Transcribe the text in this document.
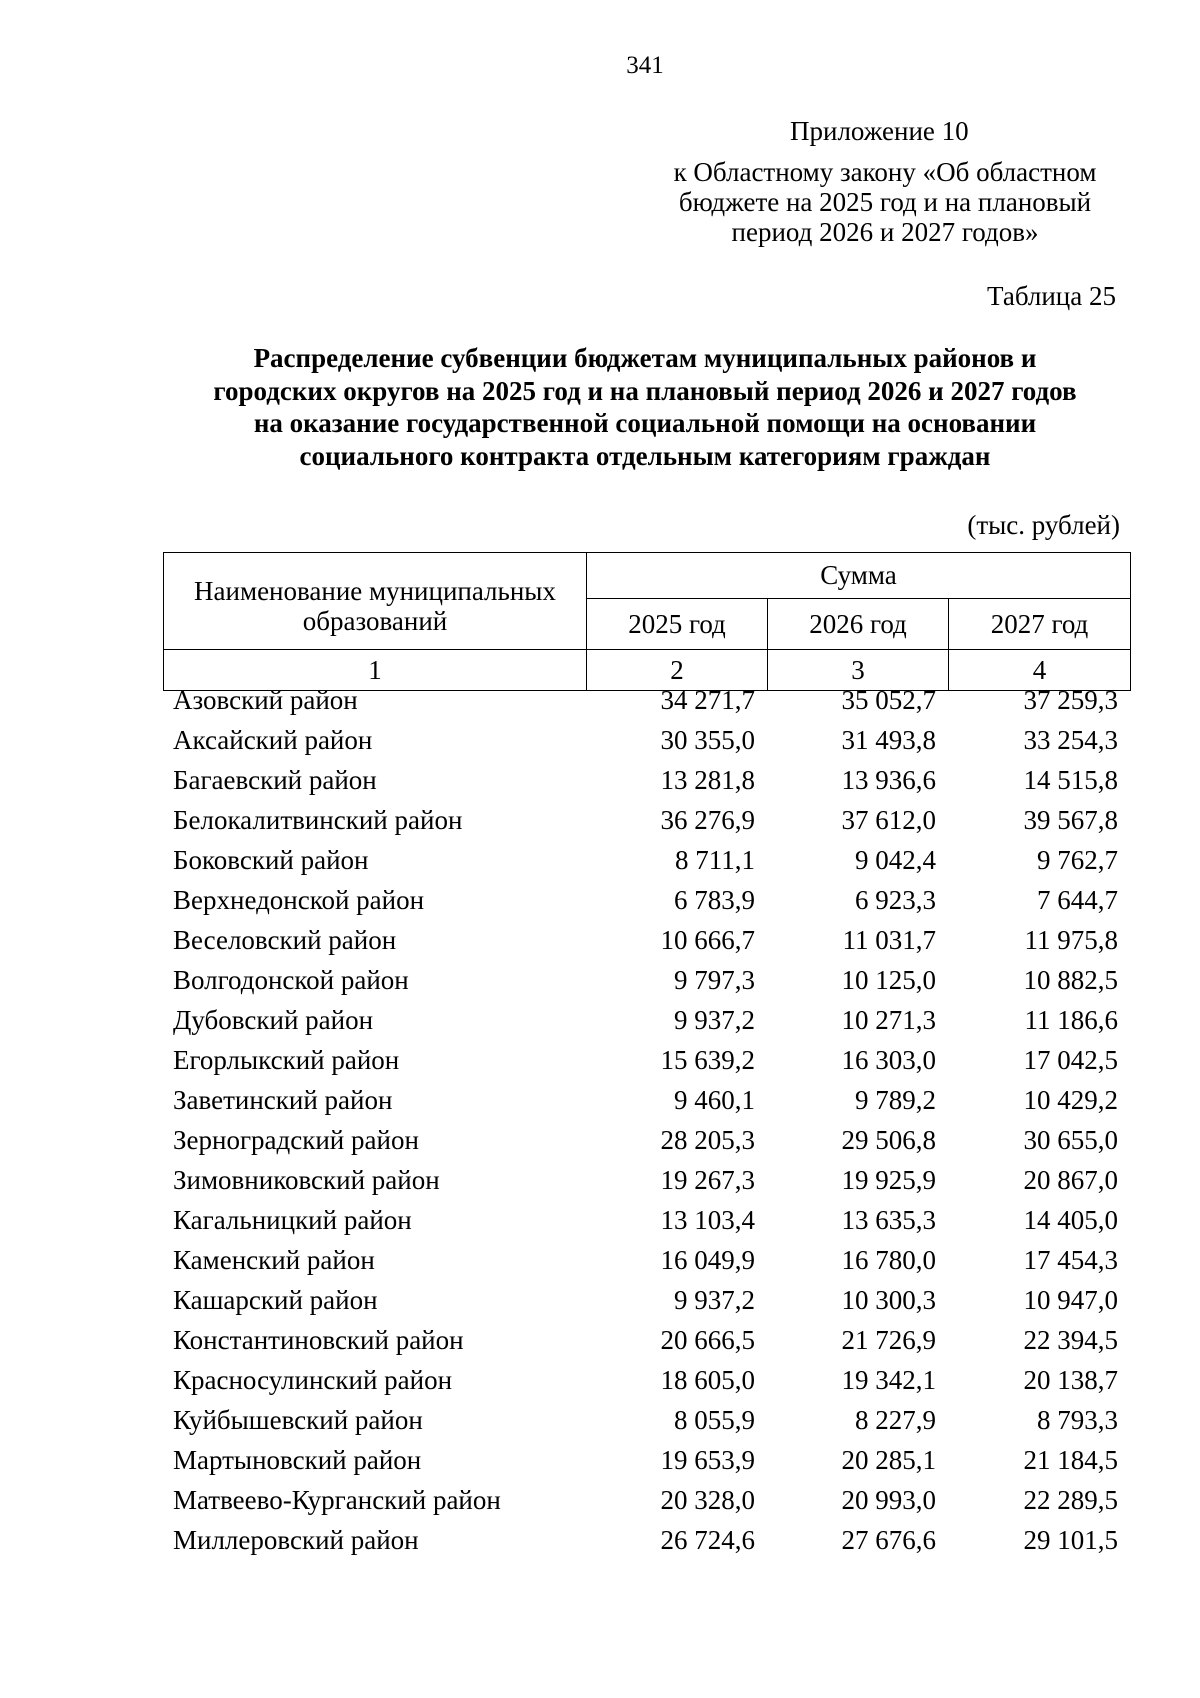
341
Приложение 10
к Областному закону «Об областном
бюджете на 2025 год и на плановый
период 2026 и 2027 годов»
Таблица 25
Распределение субвенции бюджетам муниципальных районов и
городских округов на 2025 год и на плановый период 2026 и 2027 годов
на оказание государственной социальной помощи на основании
социального контракта отдельным категориям граждан
(тыс. рублей)
Наименование муниципальных образований	Сумма		
	2025 год	2026 год	2027 год
1	2	3	4
Азовский район	34 271,7	35 052,7	37 259,3
Аксайский район	30 355,0	31 493,8	33 254,3
Багаевский район	13 281,8	13 936,6	14 515,8
Белокалитвинский район	36 276,9	37 612,0	39 567,8
Боковский район	8 711,1	9 042,4	9 762,7
Верхнедонской район	6 783,9	6 923,3	7 644,7
Веселовский район	10 666,7	11 031,7	11 975,8
Волгодонской район	9 797,3	10 125,0	10 882,5
Дубовский район	9 937,2	10 271,3	11 186,6
Егорлыкский район	15 639,2	16 303,0	17 042,5
Заветинский район	9 460,1	9 789,2	10 429,2
Зерноградский район	28 205,3	29 506,8	30 655,0
Зимовниковский район	19 267,3	19 925,9	20 867,0
Кагальницкий район	13 103,4	13 635,3	14 405,0
Каменский район	16 049,9	16 780,0	17 454,3
Кашарский район	9 937,2	10 300,3	10 947,0
Константиновский район	20 666,5	21 726,9	22 394,5
Красносулинский район	18 605,0	19 342,1	20 138,7
Куйбышевский район	8 055,9	8 227,9	8 793,3
Мартыновский район	19 653,9	20 285,1	21 184,5
Матвеево-Курганский район	20 328,0	20 993,0	22 289,5
Миллеровский район	26 724,6	27 676,6	29 101,5
